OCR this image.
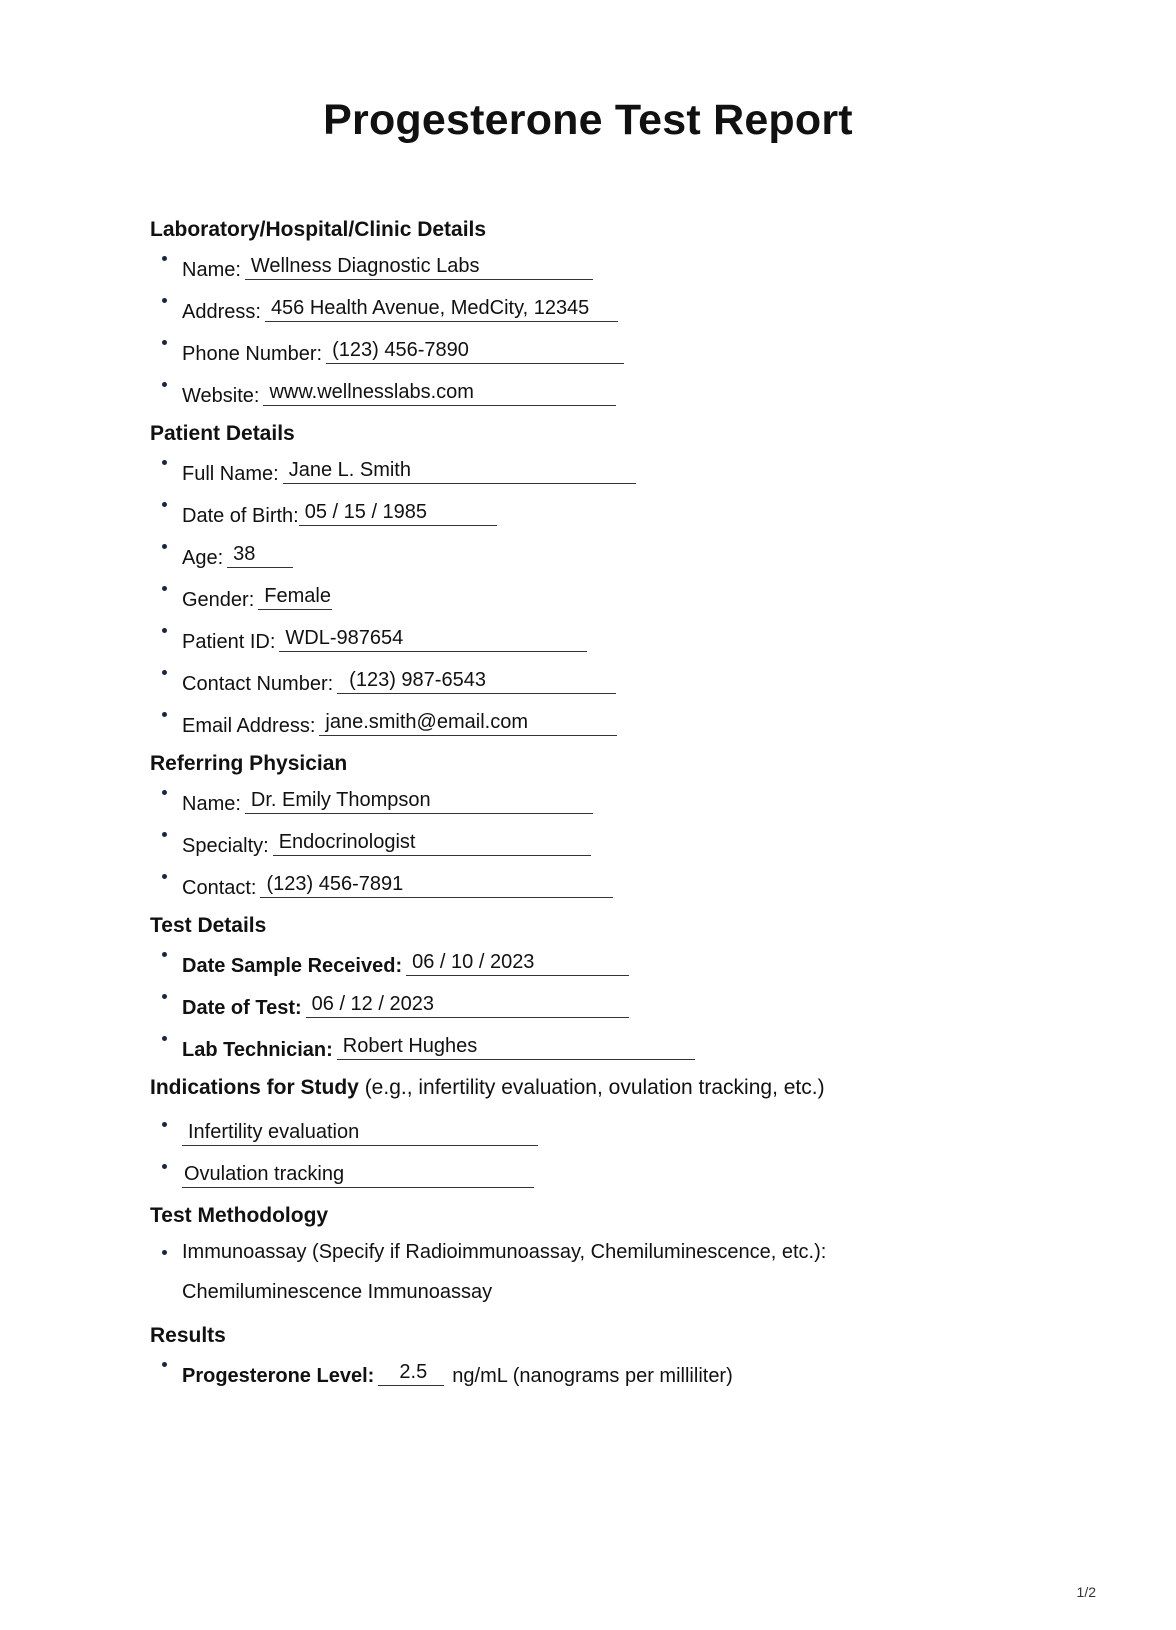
Progesterone Test Report
Laboratory/Hospital/Clinic Details
Name: Wellness Diagnostic Labs
Address: 456 Health Avenue, MedCity, 12345
Phone Number: (123) 456-7890
Website: www.wellnesslabs.com
Patient Details
Full Name: Jane L. Smith
Date of Birth: 05 / 15 / 1985
Age: 38
Gender: Female
Patient ID: WDL-987654
Contact Number: (123) 987-6543
Email Address: jane.smith@email.com
Referring Physician
Name: Dr. Emily Thompson
Specialty: Endocrinologist
Contact: (123) 456-7891
Test Details
Date Sample Received: 06 / 10 / 2023
Date of Test: 06 / 12 / 2023
Lab Technician: Robert Hughes
Indications for Study (e.g., infertility evaluation, ovulation tracking, etc.)
Infertility evaluation
Ovulation tracking
Test Methodology
Immunoassay (Specify if Radioimmunoassay, Chemiluminescence, etc.):
Chemiluminescence Immunoassay
Results
Progesterone Level:	2.5	ng/mL (nanograms per milliliter)
1/2
